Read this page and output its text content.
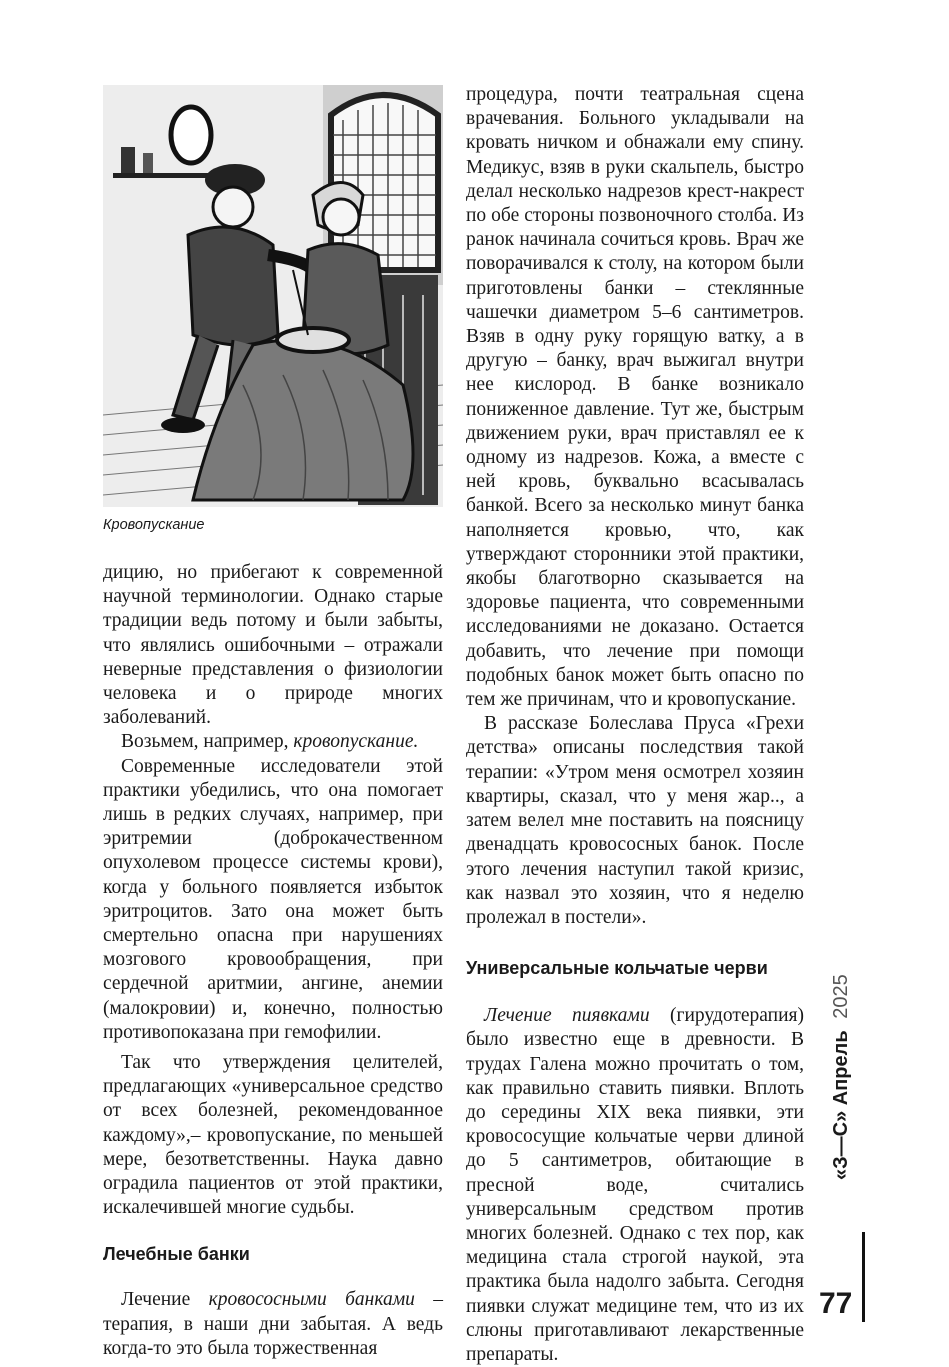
Кровопускание

дицию, но прибегают к современной научной терминологии. Однако старые традиции ведь потому и были забыты, что являлись ошибочными – отражали неверные представления о физиологии человека и о природе многих заболеваний.

Возьмем, например, кровопускание.

Современные исследователи этой практики убедились, что она помогает лишь в редких случаях, например, при эритремии (доброкачественном опухолевом процессе системы крови), когда у больного появляется избыток эритроцитов. Зато она может быть смертельно опасна при нарушениях мозгового кровообращения, при сердечной аритмии, ангине, анемии (малокровии) и, конечно, полностью противопоказана при гемофилии.

Так что утверждения целителей, предлагающих «универсальное средство от всех болезней, рекомендованное каждому»,– кровопускание, по меньшей мере, безответственны. Наука давно оградила пациентов от этой практики, искалечившей многие судьбы.

Лечебные банки

Лечение кровососными банками – терапия, в наши дни забытая. А ведь когда-то это была торжественная

процедура, почти театральная сцена врачевания. Больного укладывали на кровать ничком и обнажали ему спину. Медикус, взяв в руки скальпель, быстро делал несколько надрезов крест-накрест по обе стороны позвоночного столба. Из ранок начинала сочиться кровь. Врач же поворачивался к столу, на котором были приготовлены банки – стеклянные чашечки диаметром 5–6 сантиметров. Взяв в одну руку горящую ватку, а в другую – банку, врач выжигал внутри нее кислород. В банке возникало пониженное давление. Тут же, быстрым движением руки, врач приставлял ее к одному из надрезов. Кожа, а вместе с ней кровь, буквально всасывалась банкой. Всего за несколько минут банка наполняется кровью, что, как утверждают сторонники этой практики, якобы благотворно сказывается на здоровье пациента, что современными исследованиями не доказано. Остается добавить, что лечение при помощи подобных банок может быть опасно по тем же причинам, что и кровопускание.

В рассказе Болеслава Пруса «Грехи детства» описаны последствия такой терапии: «Утром меня осмотрел хозяин квартиры, сказал, что у меня жар.., а затем велел мне поставить на поясницу двенадцать кровососных банок. После этого лечения наступил такой кризис, как назвал это хозяин, что я неделю пролежал в постели».

Универсальные кольчатые черви

Лечение пиявками (гирудотерапия) было известно еще в древности. В трудах Галена можно прочитать о том, как правильно ставить пиявки. Вплоть до середины XIX века пиявки, эти кровососущие кольчатые черви длиной до 5 сантиметров, обитающие в пресной воде, считались универсальным средством против многих болезней. Однако с тех пор, как медицина стала строгой наукой, эта практика была надолго забыта. Сегодня пиявки служат медицине тем, что из их слюны приготавливают лекарственные препараты.

«З—С» Апрель 2025
77
